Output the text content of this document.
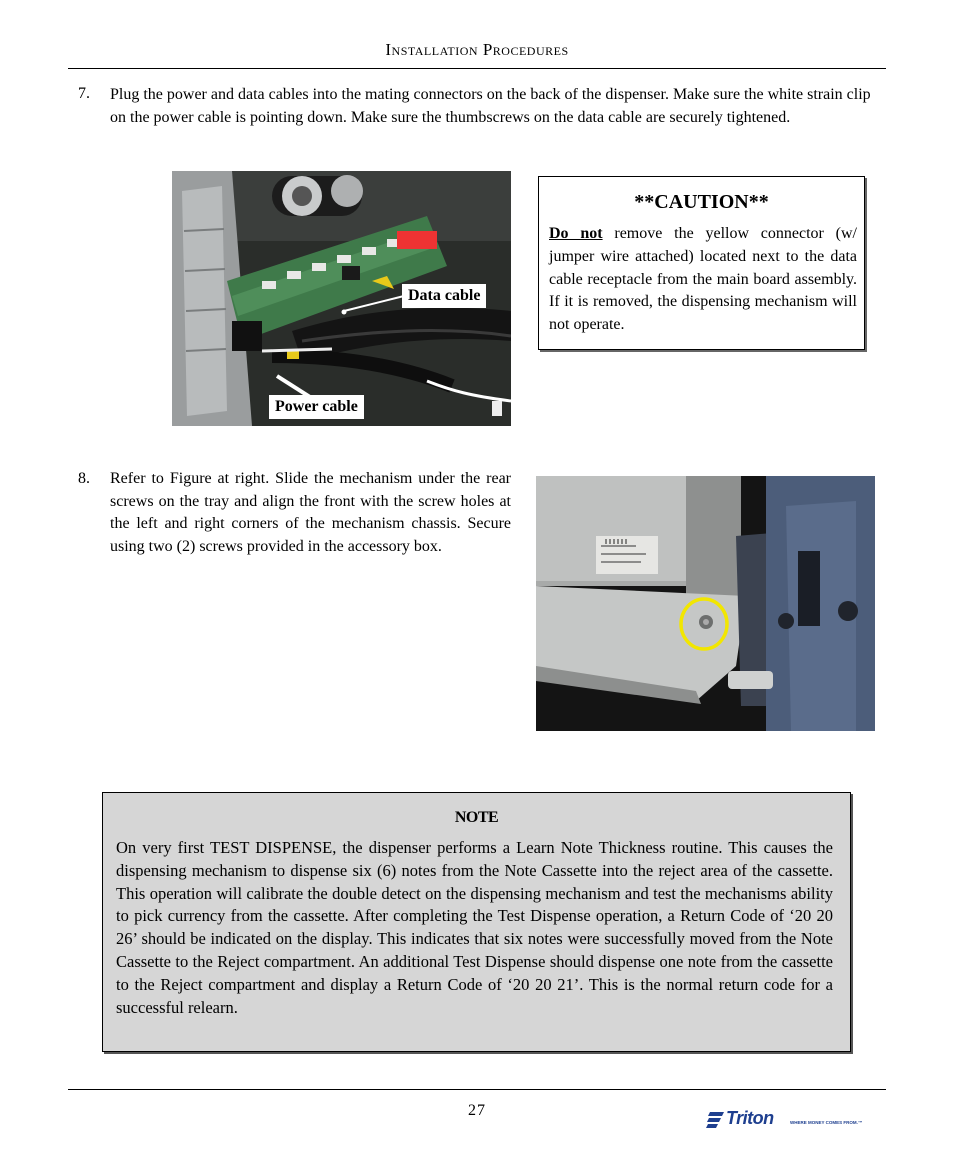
Installation Procedures
7. Plug the power and data cables into the mating connectors on the back of the dispenser. Make sure the white strain clip on the power cable is pointing down. Make sure the thumbscrews on the data cable are securely tightened.
Data cable
Power cable
**CAUTION**
Do not remove the yellow connector (w/ jumper wire attached) located next to the data cable receptacle from the main board assembly. If it is removed, the dispensing mechanism will not operate.
8. Refer to Figure at right. Slide the mechanism under the rear screws on the tray and align the front with the screw holes at the left and right corners of the mechanism chassis. Secure using two (2) screws provided in the accessory box.
NOTE
On very first TEST DISPENSE, the dispenser performs a Learn Note Thickness routine. This causes the dispensing mechanism to dispense six (6) notes from the Note Cassette into the reject area of the cassette. This operation will calibrate the double detect on the dispensing mechanism and test the mechanisms ability to pick currency from the cassette. After completing the Test Dispense operation, a Return Code of ‘20 20 26’ should be indicated on the display. This indicates that six notes were successfully moved from the Note Cassette to the Reject compartment. An additional Test Dispense should dispense one note from the cassette to the Reject compartment and display a Return Code of ‘20 20 21’. This is the normal return code for a successful relearn.
27	Triton	WHERE MONEY COMES FROM.™
